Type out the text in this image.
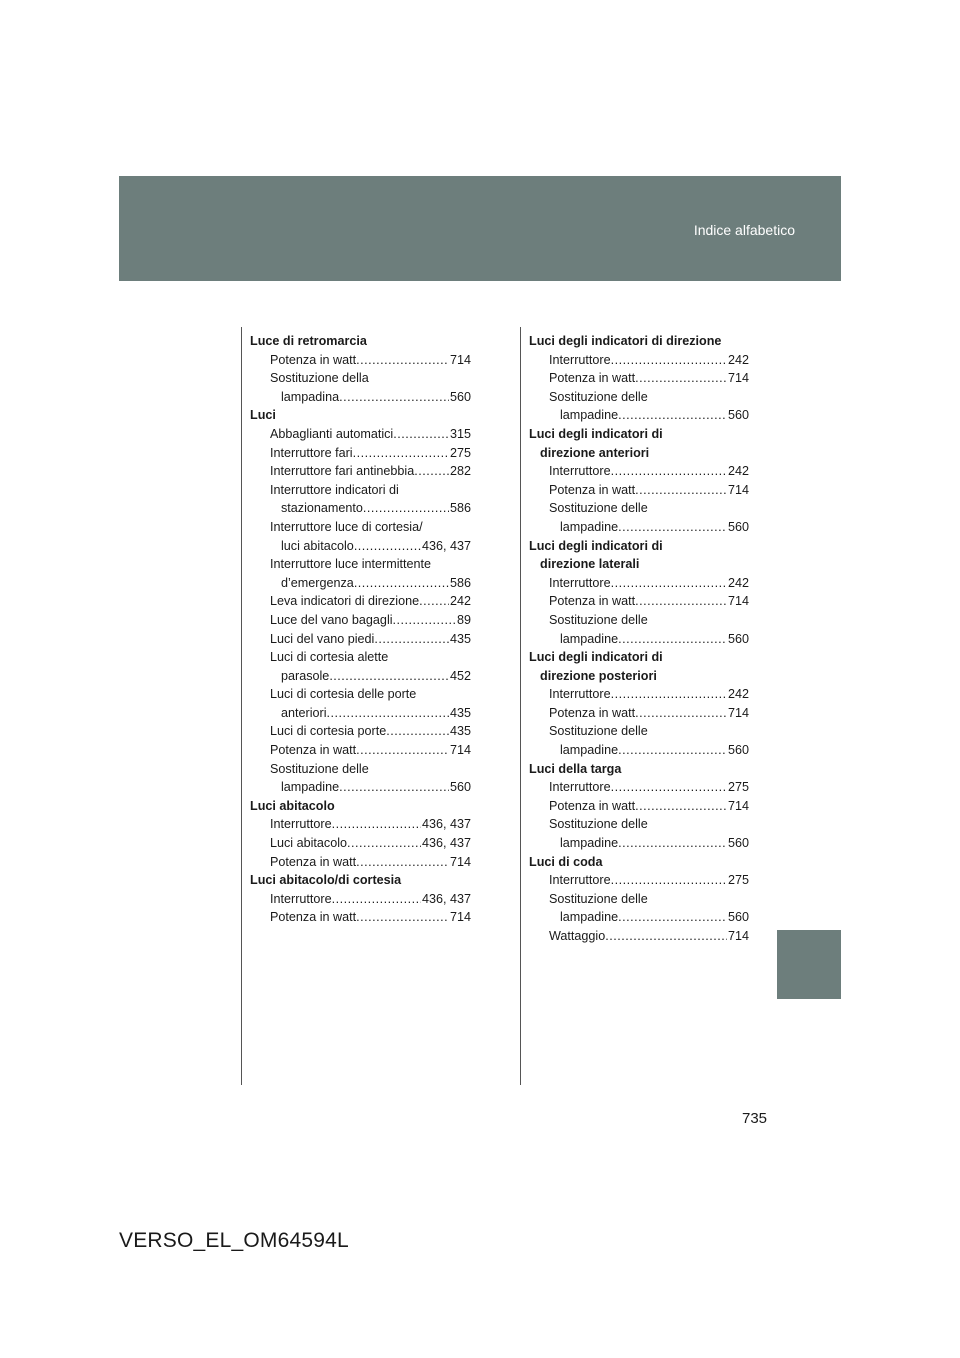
Indice alfabetico
Luce di retromarcia
Potenza in watt .....	714
Sostituzione della
lampadina .....	560
Luci
Abbaglianti automatici .....	315
Interruttore fari .....	275
Interruttore fari antinebbia .....	282
Interruttore indicatori di
stazionamento .....	586
Interruttore luce di cortesia/
luci abitacolo .....	436, 437
Interruttore luce intermittente
d’emergenza .....	586
Leva indicatori di direzione ..... 242
Luce del vano bagagli .....	89
Luci del vano piedi .....	435
Luci di cortesia alette
parasole .....	452
Luci di cortesia delle porte
anteriori .....	435
Luci di cortesia porte .....	435
Potenza in watt .....	714
Sostituzione delle
lampadine .....	560
Luci abitacolo
Interruttore .....	436, 437
Luci abitacolo .....	436, 437
Potenza in watt .....	714
Luci abitacolo/di cortesia
Interruttore .....	436, 437
Potenza in watt .....	714
Luci degli indicatori di direzione
Interruttore .....	242
Potenza in watt .....	714
Sostituzione delle
lampadine .....	560
Luci degli indicatori di
direzione anteriori
Interruttore .....	242
Potenza in watt .....	714
Sostituzione delle
lampadine .....	560
Luci degli indicatori di
direzione laterali
Interruttore .....	242
Potenza in watt .....	714
Sostituzione delle
lampadine .....	560
Luci degli indicatori di
direzione posteriori
Interruttore .....	242
Potenza in watt .....	714
Sostituzione delle
lampadine .....	560
Luci della targa
Interruttore .....	275
Potenza in watt .....	714
Sostituzione delle
lampadine .....	560
Luci di coda
Interruttore .....	275
Sostituzione delle
lampadine .....	560
Wattaggio .....	714
735
VERSO_EL_OM64594L
